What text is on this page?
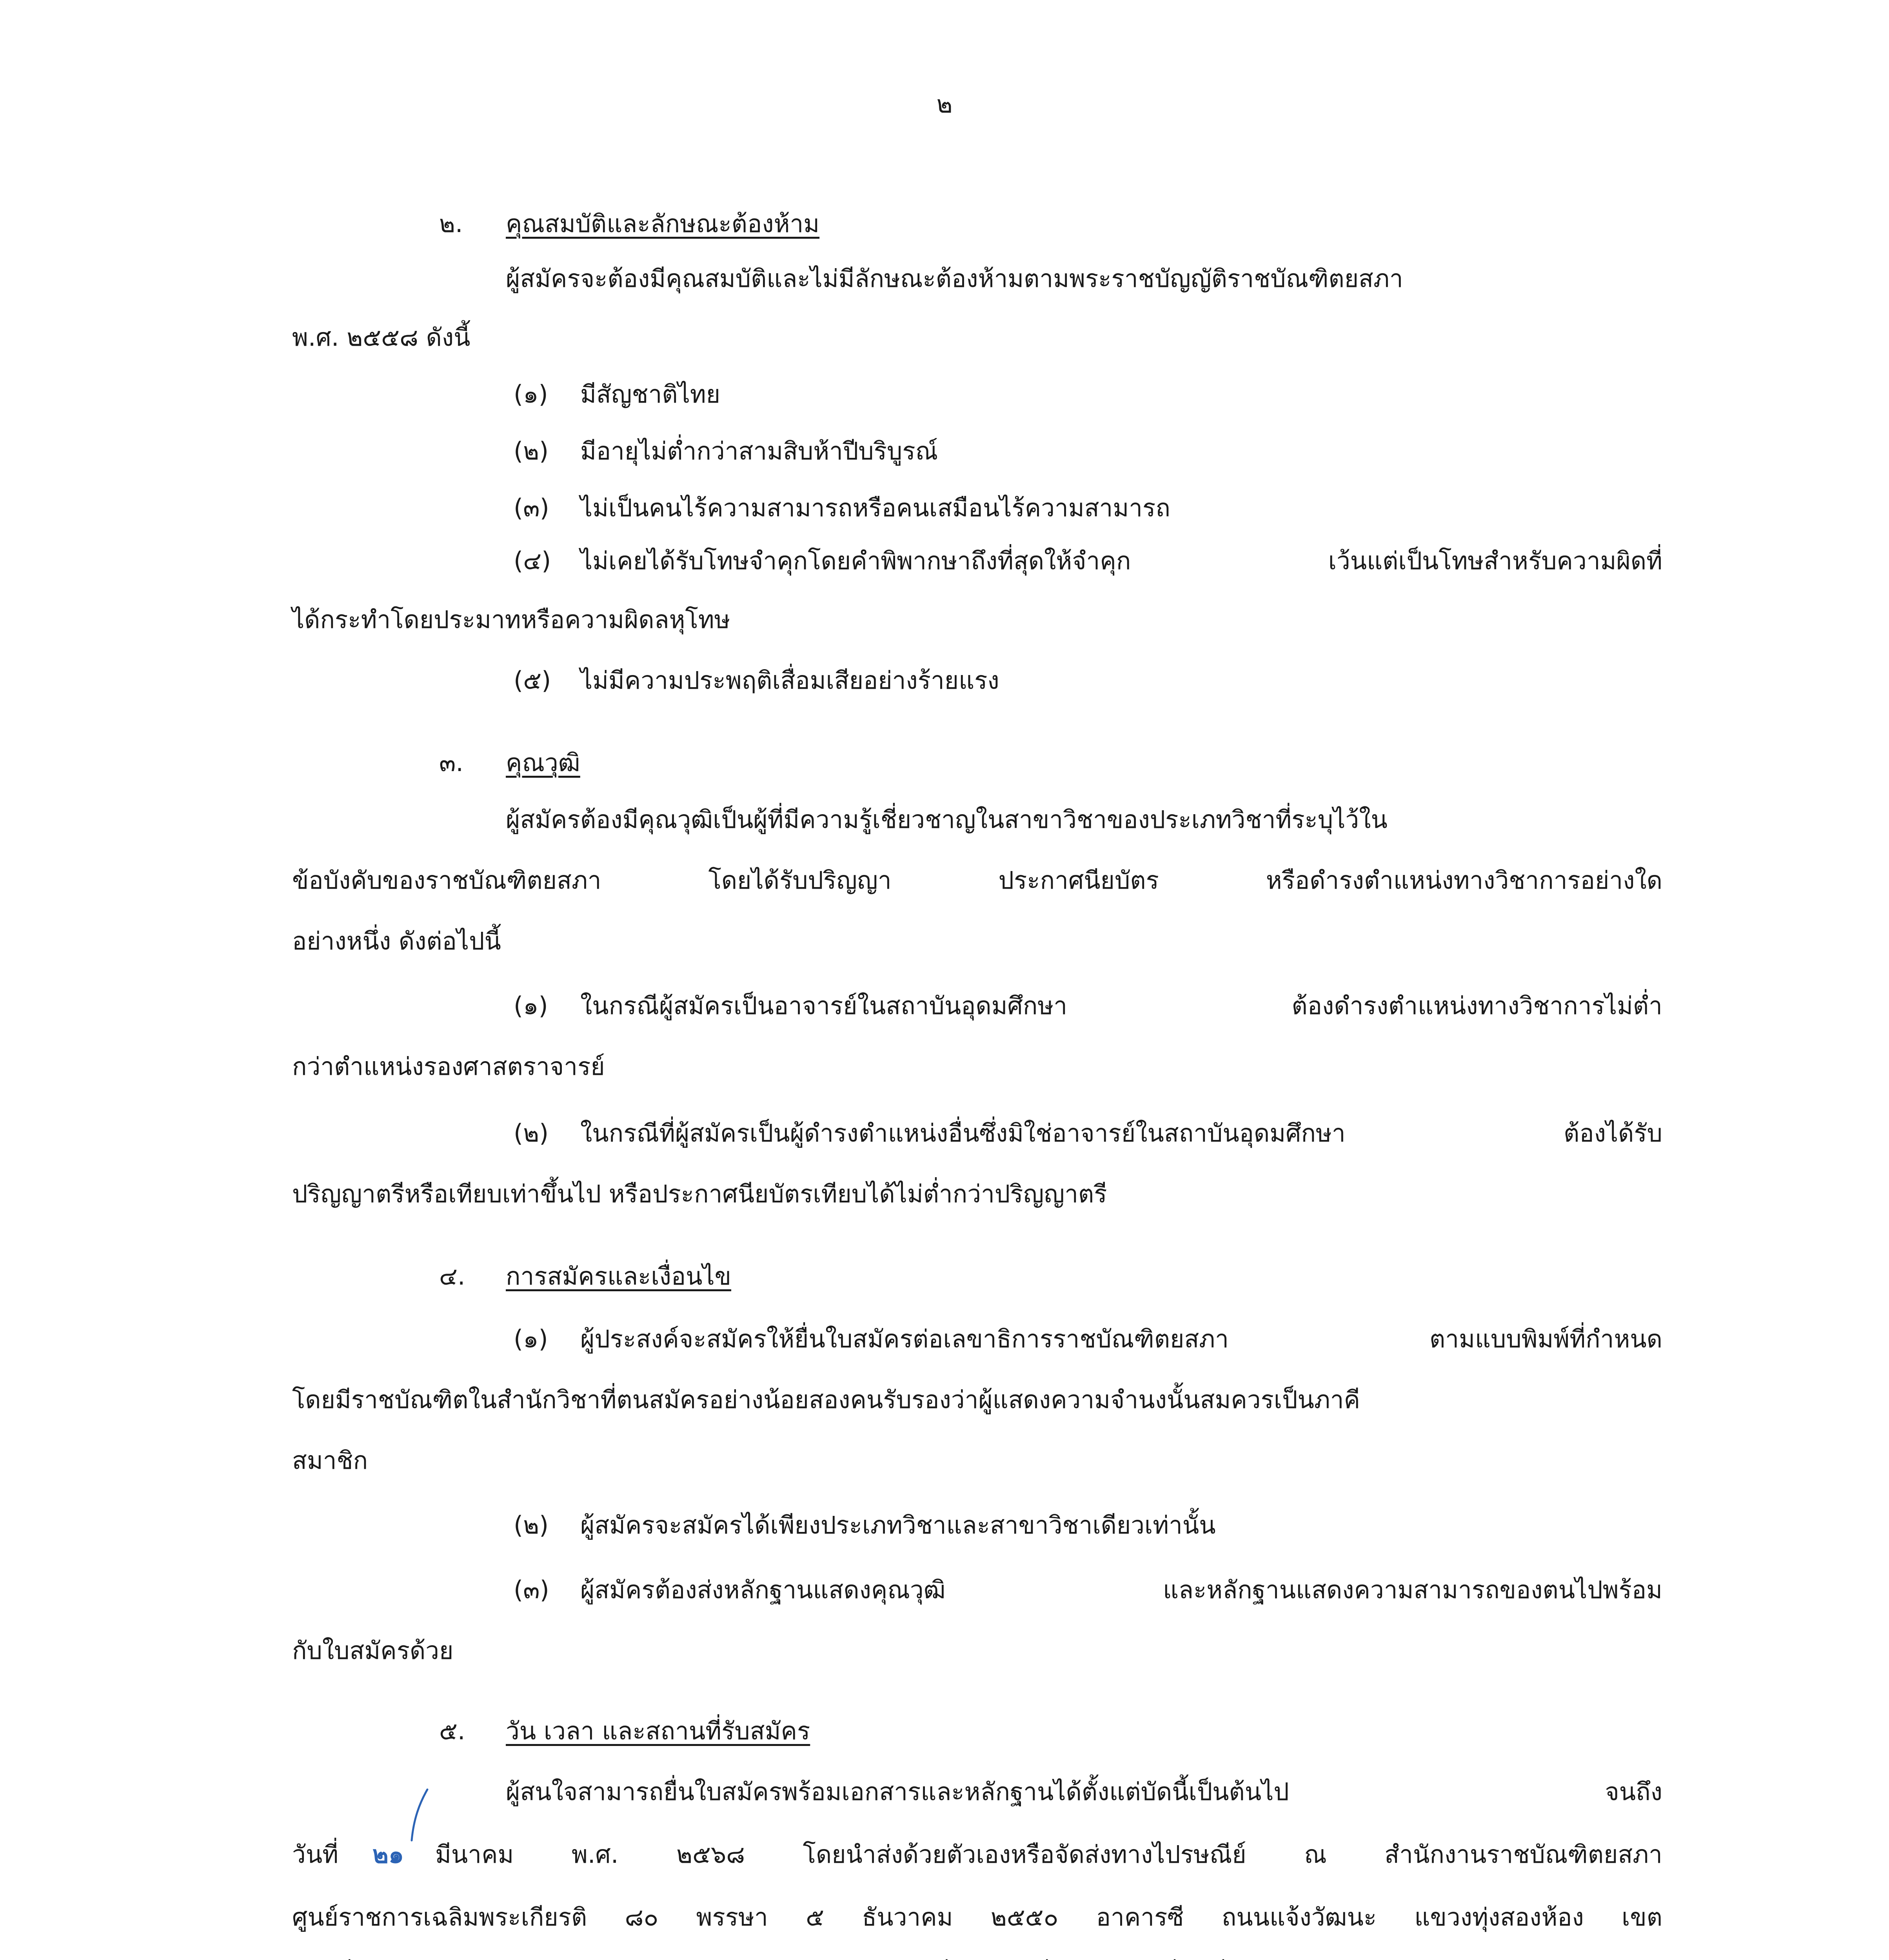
๒
๒. คุณสมบัติและลักษณะต้องห้าม
ผู้สมัครจะต้องมีคุณสมบัติและไม่มีลักษณะต้องห้ามตามพระราชบัญญัติราชบัณฑิตยสภา
พ.ศ. ๒๕๕๘ ดังนี้
(๑) มีสัญชาติไทย
(๒) มีอายุไม่ต่ำกว่าสามสิบห้าปีบริบูรณ์
(๓) ไม่เป็นคนไร้ความสามารถหรือคนเสมือนไร้ความสามารถ
(๔) ไม่เคยได้รับโทษจำคุกโดยคำพิพากษาถึงที่สุดให้จำคุก เว้นแต่เป็นโทษสำหรับความผิดที่
ได้กระทำโดยประมาทหรือความผิดลหุโทษ
(๕) ไม่มีความประพฤติเสื่อมเสียอย่างร้ายแรง
๓. คุณวุฒิ
ผู้สมัครต้องมีคุณวุฒิเป็นผู้ที่มีความรู้เชี่ยวชาญในสาขาวิชาของประเภทวิชาที่ระบุไว้ใน
ข้อบังคับของราชบัณฑิตยสภา โดยได้รับปริญญา ประกาศนียบัตร หรือดำรงตำแหน่งทางวิชาการอย่างใด
อย่างหนึ่ง ดังต่อไปนี้
(๑) ในกรณีผู้สมัครเป็นอาจารย์ในสถาบันอุดมศึกษา ต้องดำรงตำแหน่งทางวิชาการไม่ต่ำ
กว่าตำแหน่งรองศาสตราจารย์
(๒) ในกรณีที่ผู้สมัครเป็นผู้ดำรงตำแหน่งอื่นซึ่งมิใช่อาจารย์ในสถาบันอุดมศึกษา ต้องได้รับ
ปริญญาตรีหรือเทียบเท่าขึ้นไป หรือประกาศนียบัตรเทียบได้ไม่ต่ำกว่าปริญญาตรี
๔. การสมัครและเงื่อนไข
(๑) ผู้ประสงค์จะสมัครให้ยื่นใบสมัครต่อเลขาธิการราชบัณฑิตยสภา ตามแบบพิมพ์ที่กำหนด
โดยมีราชบัณฑิตในสำนักวิชาที่ตนสมัครอย่างน้อยสองคนรับรองว่าผู้แสดงความจำนงนั้นสมควรเป็นภาคี
สมาชิก
(๒) ผู้สมัครจะสมัครได้เพียงประเภทวิชาและสาขาวิชาเดียวเท่านั้น
(๓) ผู้สมัครต้องส่งหลักฐานแสดงคุณวุฒิ และหลักฐานแสดงความสามารถของตนไปพร้อม
กับใบสมัครด้วย
๕. วัน เวลา และสถานที่รับสมัคร
ผู้สนใจสามารถยื่นใบสมัครพร้อมเอกสารและหลักฐานได้ตั้งแต่บัดนี้เป็นต้นไป จนถึง
วันที่ ๒๑ มีนาคม พ.ศ. ๒๕๖๘ โดยนำส่งด้วยตัวเองหรือจัดส่งทางไปรษณีย์ ณ สำนักงานราชบัณฑิตยสภา
ศูนย์ราชการเฉลิมพระเกียรติ ๘๐ พรรษา ๕ ธันวาคม ๒๕๕๐ อาคารซี ถนนแจ้งวัฒนะ แขวงทุ่งสองห้อง เขต
